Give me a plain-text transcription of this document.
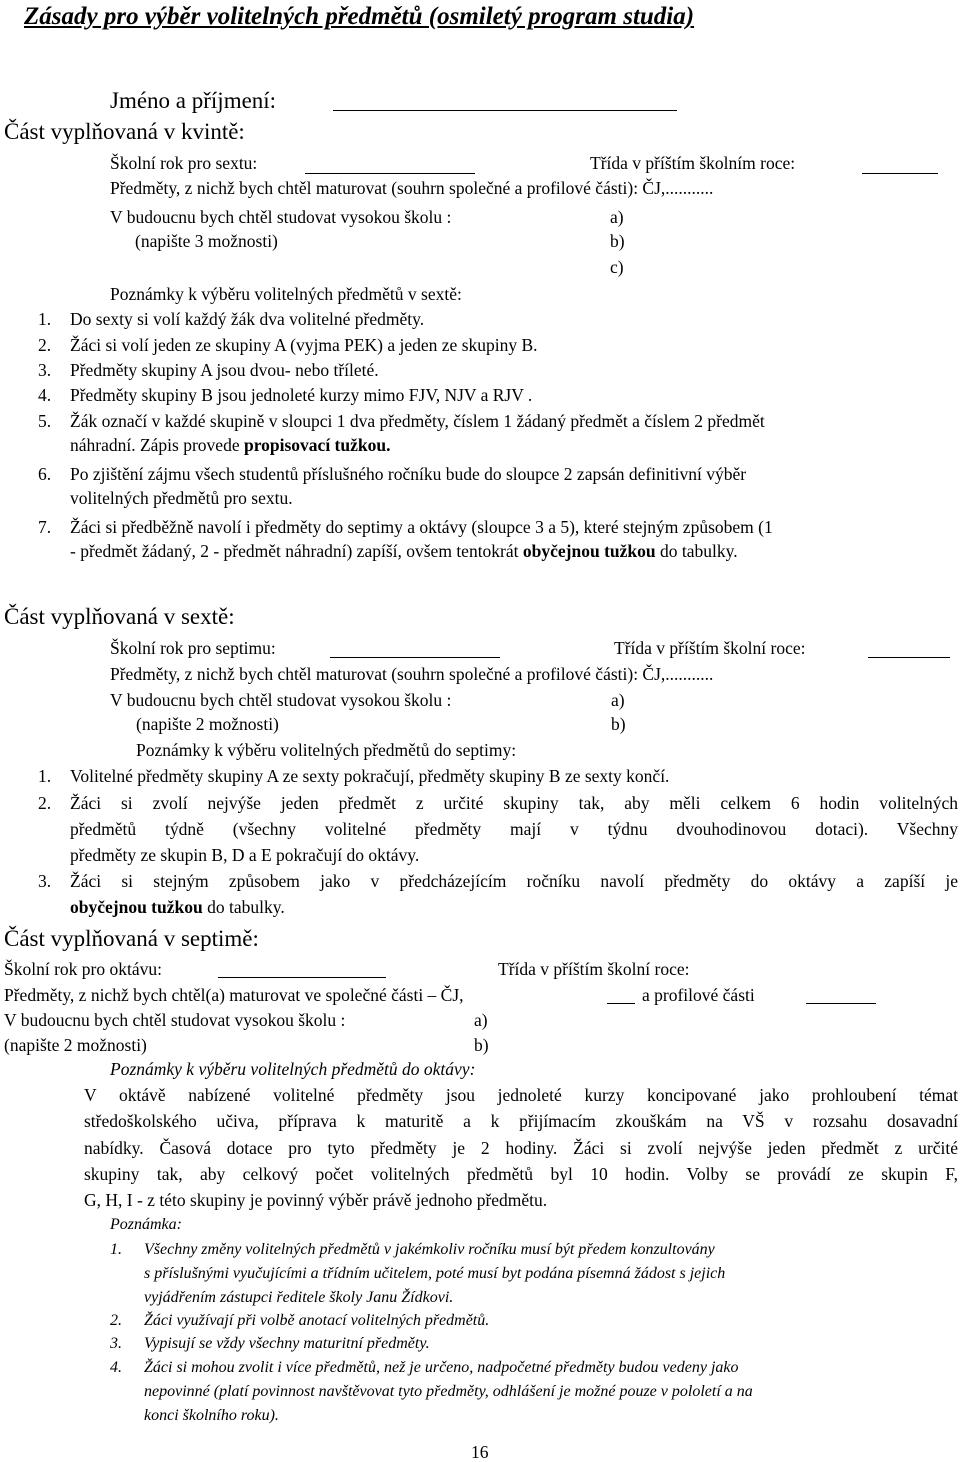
Zásady pro výběr volitelných předmětů (osmiletý program studia)
Jméno a příjmení:
Část vyplňovaná v kvintě:
Školní rok pro sextu:	Třída v příštím školním roce:
Předměty, z nichž bych chtěl maturovat (souhrn společné a profilové části): ČJ,...........
V budoucnu bych chtěl studovat vysokou školu :	a)
(napište 3 možnosti)	b)
c)
Poznámky k výběru volitelných předmětů v sextě:
1. Do sexty si volí každý žák dva volitelné předměty.
2. Žáci si volí jeden ze skupiny A (vyjma PEK) a jeden ze skupiny B.
3. Předměty skupiny A jsou dvou- nebo tříleté.
4. Předměty skupiny B jsou jednoleté kurzy mimo FJV, NJV a RJV .
5. Žák označí v každé skupině v sloupci 1 dva předměty, číslem 1 žádaný předmět a číslem 2 předmět
náhradní. Zápis provede propisovací tužkou.
6. Po zjištění zájmu všech studentů příslušného ročníku bude do sloupce 2 zapsán definitivní výběr
volitelných předmětů pro sextu.
7. Žáci si předběžně navolí i předměty do septimy a oktávy (sloupce 3 a 5), které stejným způsobem (1
- předmět žádaný, 2 - předmět náhradní) zapíší, ovšem tentokrát obyčejnou tužkou do tabulky.
Část vyplňovaná v sextě:
Školní rok pro septimu:	Třída v příštím školní roce:
Předměty, z nichž bych chtěl maturovat (souhrn společné a profilové části): ČJ,...........
V budoucnu bych chtěl studovat vysokou školu :	a)
(napište 2 možnosti)	b)
Poznámky k výběru volitelných předmětů do septimy:
1. Volitelné předměty skupiny A ze sexty pokračují, předměty skupiny B ze sexty končí.
2. Žáci si zvolí nejvýše jeden předmět z určité skupiny tak, aby měli celkem 6 hodin volitelných
předmětů týdně (všechny volitelné předměty mají v týdnu dvouhodinovou dotaci). Všechny
předměty ze skupin B, D a E pokračují do oktávy.
3. Žáci si stejným způsobem jako v předcházejícím ročníku navolí předměty do oktávy a zapíší je
obyčejnou tužkou do tabulky.
Část vyplňovaná v septimě:
Školní rok pro oktávu:	Třída v příštím školní roce:
Předměty, z nichž bych chtěl(a) maturovat ve společné části – ČJ,	a profilové části
V budoucnu bych chtěl studovat vysokou školu :	a)
(napište 2 možnosti)	b)
Poznámky k výběru volitelných předmětů do oktávy:
V oktávě nabízené volitelné předměty jsou jednoleté kurzy koncipované jako prohloubení témat
středoškolského učiva, příprava k maturitě a k přijímacím zkouškám na VŠ v rozsahu dosavadní
nabídky. Časová dotace pro tyto předměty je 2 hodiny. Žáci si zvolí nejvýše jeden předmět z určité
skupiny tak, aby celkový počet volitelných předmětů byl 10 hodin. Volby se provádí ze skupin F,
G, H, I - z této skupiny je povinný výběr právě jednoho předmětu.
Poznámka:
1. Všechny změny volitelných předmětů v jakémkoliv ročníku musí být předem konzultovány
s příslušnými vyučujícími a třídním učitelem, poté musí byt podána písemná žádost s jejich
vyjádřením zástupci ředitele školy Janu Žídkovi.
2. Žáci využívají při volbě anotací volitelných předmětů.
3. Vypisují se vždy všechny maturitní předměty.
4. Žáci si mohou zvolit i více předmětů, než je určeno, nadpočetné předměty budou vedeny jako
nepovinné (platí povinnost navštěvovat tyto předměty, odhlášení je možné pouze v pololetí a na
konci školního roku).
16
